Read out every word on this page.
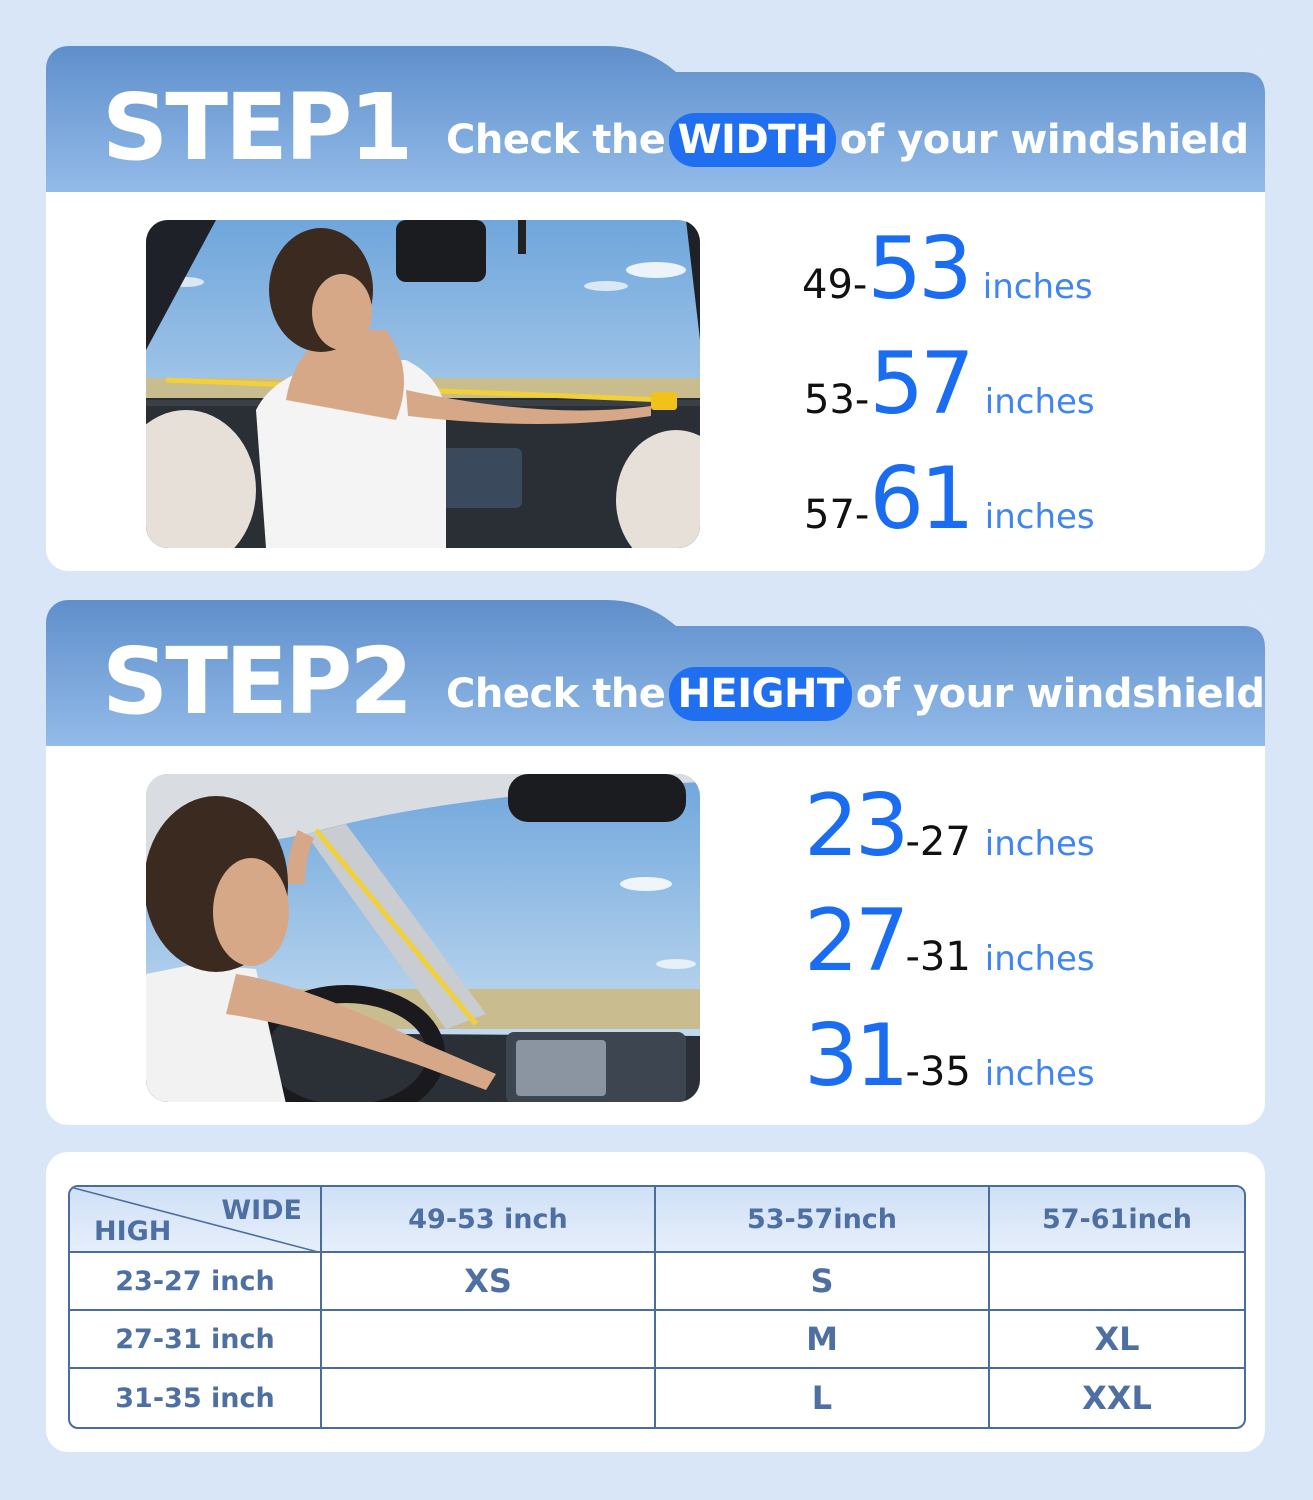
STEP1 Check the WIDTH of your windshield
49-53 inches
53-57 inches
57-61 inches
STEP2 Check the HEIGHT of your windshield
23-27 inches
27-31 inches
31-35 inches
WIDE
HIGH	49-53 inch	53-57inch	57-61inch
23-27 inch	XS	S	
27-31 inch		M	XL
31-35 inch		L	XXL
